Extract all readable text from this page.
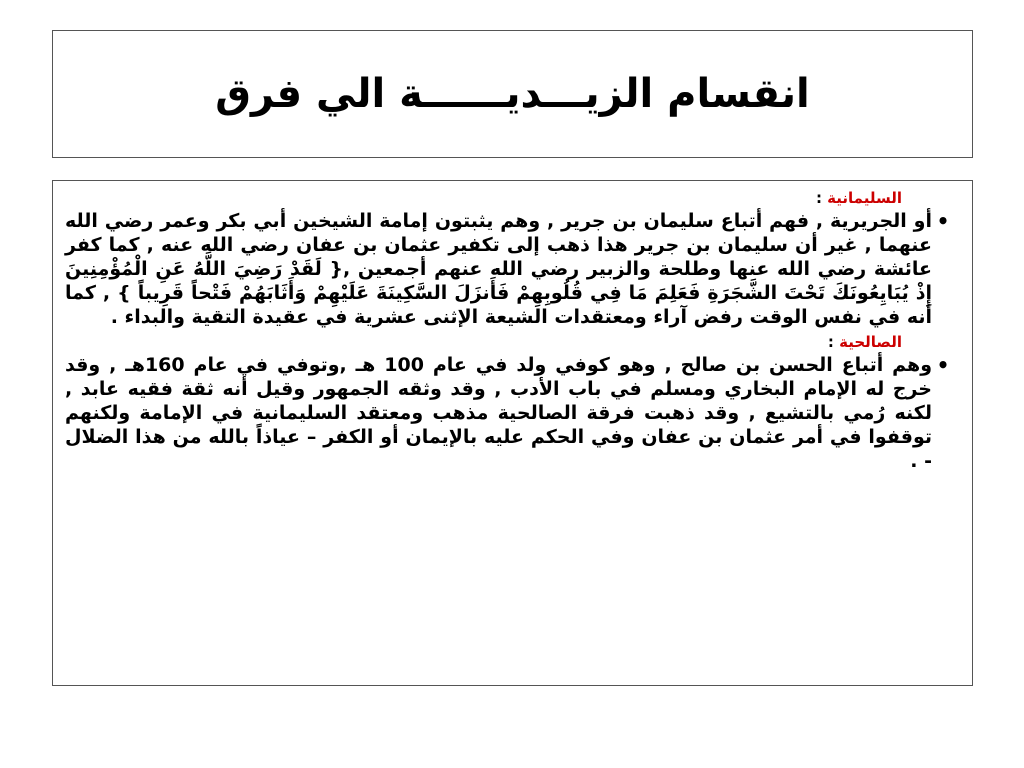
انقسام الزيـــديــــــة الي فرق
السليمانية :
•

أو الجريرية , فهم أتباع سليمان بن جرير , وهم يثبتون إمامة الشيخين أبي بكر وعمر رضي الله عنهما , غير أن سليمان بن جرير هذا ذهب إلى تكفير عثمان بن عفان رضي الله عنه , كما كفر عائشة رضي الله عنها وطلحة والزبير رضي الله عنهم أجمعين ,{ لَقَدْ رَضِيَ اللَّهُ عَنِ الْمُؤْمِنِينَ إِذْ يُبَايِعُونَكَ تَحْتَ الشَّجَرَةِ فَعَلِمَ مَا فِي قُلُوبِهِمْ فَأَنزَلَ السَّكِينَةَ عَلَيْهِمْ وَأَثَابَهُمْ فَتْحاً قَرِيباً } , كما أنه في نفس الوقت رفض آراء ومعتقدات الشيعة الإثنى عشرية في عقيدة التقية والبداء .

الصالحية :
•

وهم أتباع الحسن بن صالح , وهو كوفي ولد في عام 100 هـ ,وتوفي في عام 160هـ , وقد خرج له الإمام البخاري ومسلم في باب الأدب , وقد وثقه الجمهور وقيل أنه ثقة فقيه عابد , لكنه رُمي بالتشيع , وقد ذهبت فرقة الصالحية مذهب ومعتقد السليمانية في الإمامة ولكنهم توقفوا في أمر عثمان بن عفان وفي الحكم عليه بالإيمان أو الكفر – عياذاً بالله من هذا الضلال - .
